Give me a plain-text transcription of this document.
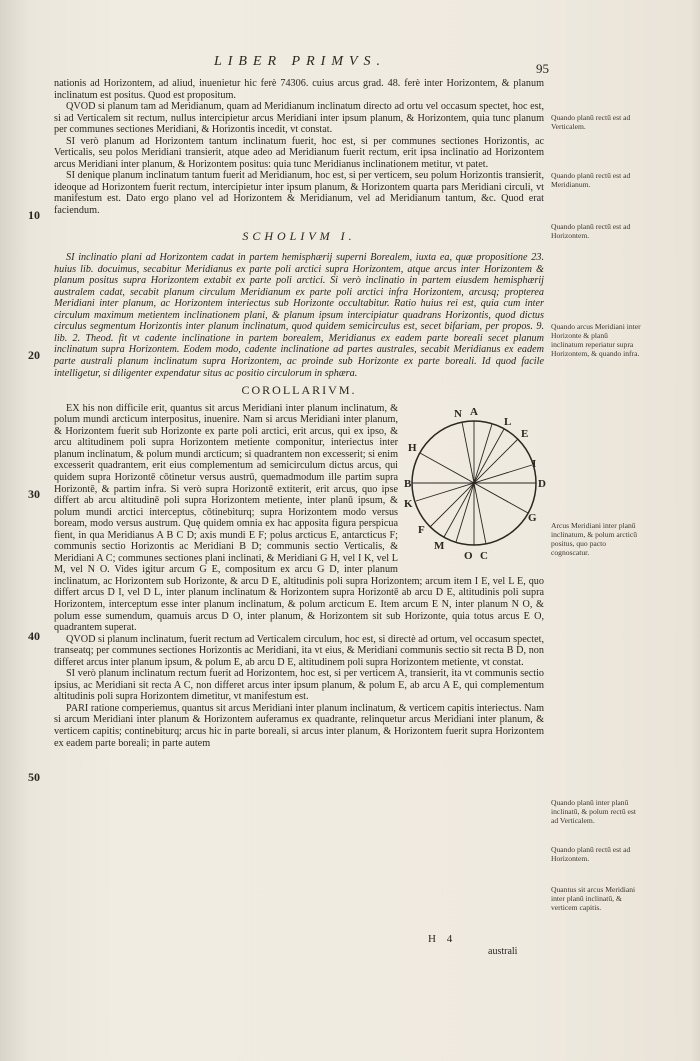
LIBER PRIMVS.	95
10
20
30
40
50

nationis ad Horizontem, ad aliud, inuenietur hic ferè 74306. cuius arcus grad. 48. ferè inter Horizontem, & planum inclinatum est positus. Quod est propositum.

QVOD si planum tam ad Meridianum, quam ad Meridianum inclinatum directo ad ortu vel occasum spectet, hoc est, si ad Verticalem sit rectum, nullus intercipietur arcus Meridiani inter ipsum planum, & Horizontem, quia tunc planum per communes sectiones Meridiani, & Horizontis incedit, vt constat.

SI verò planum ad Horizontem tantum inclinatum fuerit, hoc est, si per communes sectiones Horizontis, ac Verticalis, seu polos Meridiani transierit, atque adeo ad Meridianum fuerit rectum, erit ipsa inclinatio ad Horizontem arcus Meridiani inter planum, & Horizontem positus: quia tunc Meridianus inclinationem metitur, vt patet.

SI denique planum inclinatum tantum fuerit ad Meridianum, hoc est, si per verticem, seu polum Horizontis transierit, ideoque ad Horizontem fuerit rectum, intercipietur inter ipsum planum, & Horizontem quarta pars Meridiani circuli, vt manifestum est. Dato ergo plano vel ad Horizontem & Meridianum, vel ad Meridianum tantum, &c. Quod erat faciendum.

SCHOLIVM I.

SI inclinatio plani ad Horizontem cadat in partem hemisphærij superni Borealem, iuxta ea, quæ propositione 23. huius lib. docuimus, secabitur Meridianus ex parte poli arctici supra Horizontem, atque arcus inter Horizontem & planum positus supra Horizontem extabit ex parte poli arctici. Si verò inclinatio in partem eiusdem hemisphærij australem cadat, secabit planum circulum Meridianum ex parte poli arctici infra Horizontem, arcusq; propterea Meridiani inter planum, ac Horizontem interiectus sub Horizonte occultabitur. Ratio huius rei est, quia cum inter circulum maximum metientem inclinationem plani, & planum ipsum intercipiatur quadrans Horizontis, quod dictus circulus segmentum Horizontis inter planum inclinatum, quod quidem semicirculus est, secet bifariam, per propos. 9. lib. 2. Theod. fit vt cadente inclinatione in partem borealem, Meridianus ex eadem parte boreali secet planum inclinatum supra Horizontem. Eodem modo, cadente inclinatione ad partes australes, secabit Meridianus ex eadem parte australi planum inclinatum supra Horizontem, ac proinde sub Horizonte ex parte boreali. Id quod facile intelligetur, si diligenter expendatur situs ac positio circulorum in sphæra.

COROLLARIVM.

N A
L
E
I
D
G
C
O
M
F
K
B
H
EX his non difficile erit, quantus sit arcus Meridiani inter planum inclinatum, & polum mundi arcticum interpositus, inuenire. Nam si arcus Meridiani inter planum, & Horizontem fuerit sub Horizonte ex parte poli arctici, erit arcus, qui ex ipso, & arcu altitudinem poli supra Horizontem metiente componitur, interiectus inter planum inclinatum, & polum mundi arcticum; si quadrantem non excesserit; si enim excesserit quadrantem, erit eius complementum ad semicirculum dictus arcus, qui quidem supra Horizontē cōtinetur versus austrū, quemadmodum ille partim supra Horizontē, & partim infra. Si verò supra Horizontē extiterit, erit arcus, quo ipse differt ab arcu altitudinē poli supra Horizontem metiente, inter planū ipsum, & polum mundi arctici interceptus, cōtinebiturq; supra Horizontem modo versus boream, modo versus austrum. Quę quidem omnia ex hac apposita figura perspicua fient, in qua Meridianus A B C D; axis mundi E F; polus arcticus E, antarcticus F; communis sectio Horizontis ac Meridiani B D; communis sectio Verticalis, & Meridiani A C; communes sectiones plani inclinati, & Meridiani G H, vel I K, vel L M, vel N O. Vides igitur arcum G E, compositum ex arcu G D, inter planum inclinatum, ac Horizontem sub Horizonte, & arcu D E, altitudinis poli supra Horizontem; arcum item I E, vel L E, quo differt arcus D I, vel D L, inter planum inclinatum & Horizontem supra Horizontē ab arcu D E, altitudinis poli supra Horizontem, interceptum esse inter planum inclinatum, & polum arcticum E. Item arcum E N, inter planum N O, & polum esse sumendum, quamuis arcus D O, inter planum, & Horizontem sit sub Horizonte, quia totus arcus E O, quadrantem superat.

QVOD si planum inclinatum, fuerit rectum ad Verticalem circulum, hoc est, si directè ad ortum, vel occasum spectet, transeatq; per communes sectiones Horizontis ac Meridiani, ita vt eius, & Meridiani communis sectio sit recta B D, non differet arcus inter planum ipsum, & polum E, ab arcu D E, altitudinem poli supra Horizontem metiente, vt constat.

SI verò planum inclinatum rectum fuerit ad Horizontem, hoc est, si per verticem A, transierit, ita vt communis sectio ipsius, ac Meridiani sit recta A C, non differet arcus inter ipsum planum, & polum E, ab arcu A E, qui complementum altitudinis poli supra Horizontem dimetitur, vt manifestum est.

PARI ratione comperiemus, quantus sit arcus Meridiani inter planum inclinatum, & verticem capitis interiectus. Nam si arcum Meridiani inter planum & Horizontem auferamus ex quadrante, relinquetur arcus Meridiani inter planum, & verticem capitis; continebiturq; arcus hic in parte boreali, si arcus inter planum, & Horizontem fuerit supra Horizontem ex eadem parte boreali; in parte autem

Quando planū rectū est ad Verticalem.
Quando planū rectū est ad Meridianum.
Quando planū rectū est ad Horizontem.
Quando arcus Meridiani inter Horizonte & planū inclinatum reperiatur supra Horizontem, & quando infra.
Arcus Meridiani inter planū inclinatum, & polum arcticū positus, quo pacto cognoscatur.
Quando planū inter planū inclinatū, & polum rectū est ad Verticalem.
Quando planū rectū est ad Horizontem.
Quantus sit arcus Meridiani inter planū inclinatū, & verticem capitis.
H 4
australi
